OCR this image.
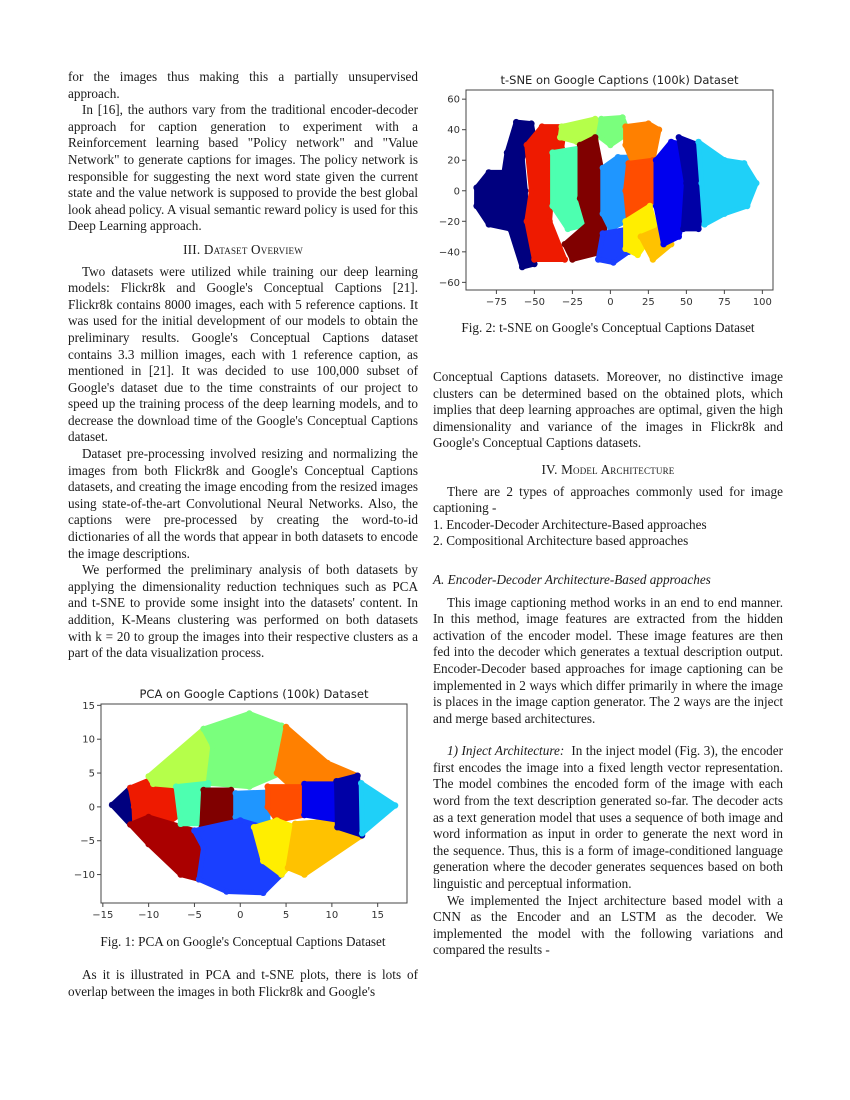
for the images thus making this a partially unsupervised approach.

In [16], the authors vary from the traditional encoder-decoder approach for caption generation to experiment with a Reinforcement learning based "Policy network" and "Value Network" to generate captions for images. The policy network is responsible for suggesting the next word state given the current state and the value network is supposed to provide the best global look ahead policy. A visual semantic reward policy is used for this Deep Learning approach.

III. Dataset Overview

Two datasets were utilized while training our deep learning models: Flickr8k and Google's Conceptual Captions [21]. Flickr8k contains 8000 images, each with 5 reference captions. It was used for the initial development of our models to obtain the preliminary results. Google's Conceptual Captions dataset contains 3.3 million images, each with 1 reference caption, as mentioned in [21]. It was decided to use 100,000 subset of Google's dataset due to the time constraints of our project to speed up the training process of the deep learning models, and to decrease the download time of the Google's Conceptual Captions dataset.

Dataset pre-processing involved resizing and normalizing the images from both Flickr8k and Google's Conceptual Captions datasets, and creating the image encoding from the resized images using state-of-the-art Convolutional Neural Networks. Also, the captions were pre-processed by creating the word-to-id dictionaries of all the words that appear in both datasets to encode the image descriptions.

We performed the preliminary analysis of both datasets by applying the dimensionality reduction techniques such as PCA and t-SNE to provide some insight into the datasets' content. In addition, K-Means clustering was performed on both datasets with k = 20 to group the images into their respective clusters as a part of the data visualization process.

PCA on Google Captions (100k) Dataset
−15 −10	−5	0	5	10	15
−10
−5
0
5
10
15
Fig. 1: PCA on Google's Conceptual Captions Dataset

As it is illustrated in PCA and t-SNE plots, there is lots of overlap between the images in both Flickr8k and Google's

t-SNE on Google Captions (100k) Dataset
−75 −50 −25 0	25	50	75 100
−60
−40
−20
0
20
40
60
Fig. 2: t-SNE on Google's Conceptual Captions Dataset

Conceptual Captions datasets. Moreover, no distinctive image clusters can be determined based on the obtained plots, which implies that deep learning approaches are optimal, given the high dimensionality and variance of the images in Flickr8k and Google's Conceptual Captions datasets.

IV. Model Architecture

There are 2 types of approaches commonly used for image captioning -

1. Encoder-Decoder Architecture-Based approaches
2. Compositional Architecture based approaches
A. Encoder-Decoder Architecture-Based approaches

This image captioning method works in an end to end manner. In this method, image features are extracted from the hidden activation of the encoder model. These image features are then fed into the decoder which generates a textual description output. Encoder-Decoder based approaches for image captioning can be implemented in 2 ways which differ primarily in where the image is places in the image caption generator. The 2 ways are the inject and merge based architectures.

1) Inject Architecture: In the inject model (Fig. 3), the encoder first encodes the image into a fixed length vector representation. The model combines the encoded form of the image with each word from the text description generated so-far. The decoder acts as a text generation model that uses a sequence of both image and word information as input in order to generate the next word in the sequence. Thus, this is a form of image-conditioned language generation where the decoder generates sequences based on both linguistic and perceptual information.

We implemented the Inject architecture based model with a CNN as the Encoder and an LSTM as the decoder. We implemented the model with the following variations and compared the results -
